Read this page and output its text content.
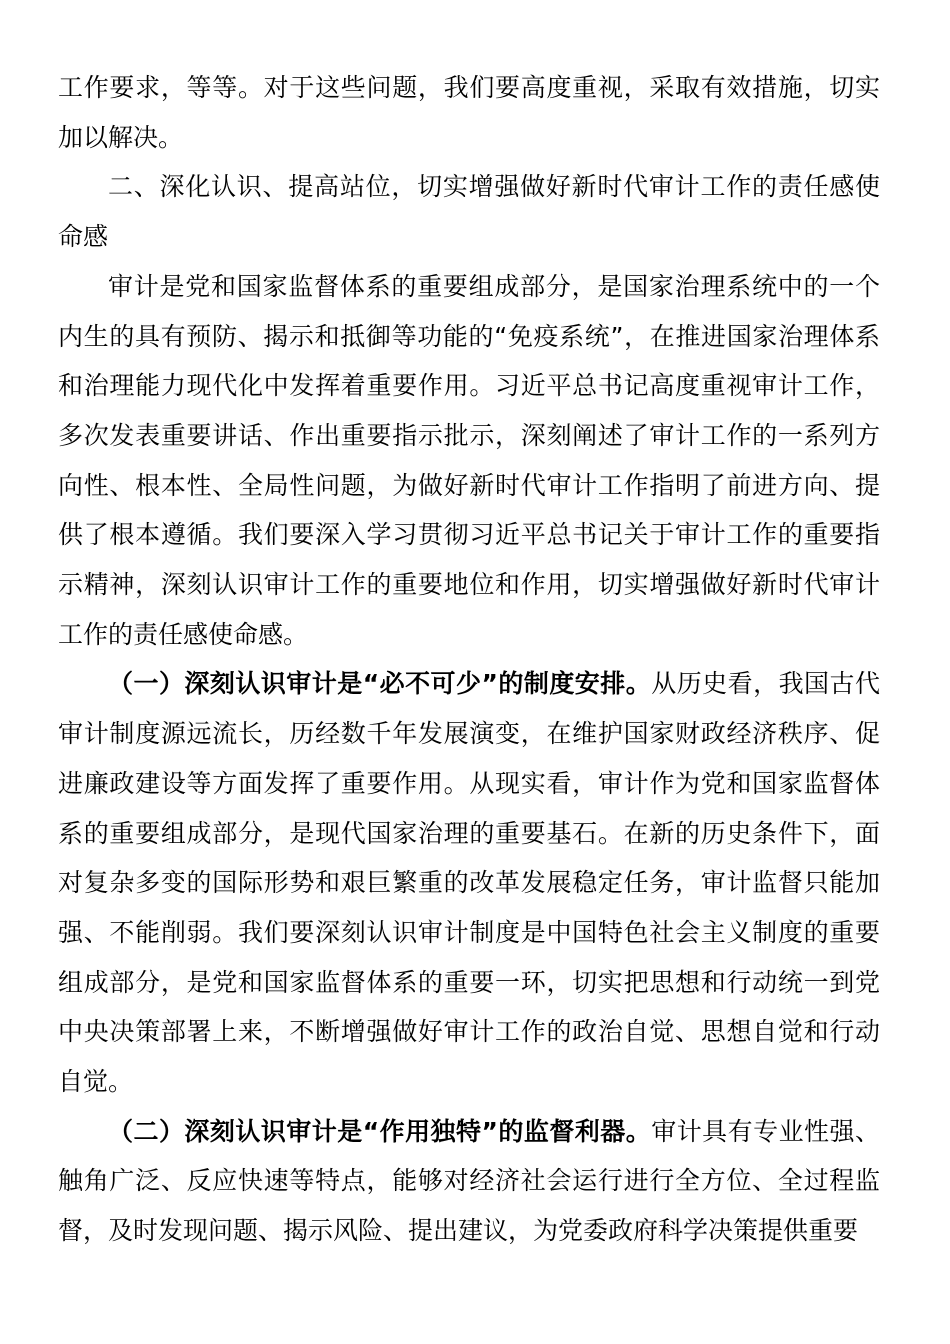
工作要求，等等。对于这些问题，我们要高度重视，采取有效措施，切实加以解决。

二、深化认识、提高站位，切实增强做好新时代审计工作的责任感使命感

审计是党和国家监督体系的重要组成部分，是国家治理系统中的一个内生的具有预防、揭示和抵御等功能的“免疫系统”，在推进国家治理体系和治理能力现代化中发挥着重要作用。习近平总书记高度重视审计工作，多次发表重要讲话、作出重要指示批示，深刻阐述了审计工作的一系列方向性、根本性、全局性问题，为做好新时代审计工作指明了前进方向、提供了根本遵循。我们要深入学习贯彻习近平总书记关于审计工作的重要指示精神，深刻认识审计工作的重要地位和作用，切实增强做好新时代审计工作的责任感使命感。

（一）深刻认识审计是“必不可少”的制度安排。从历史看，我国古代审计制度源远流长，历经数千年发展演变，在维护国家财政经济秩序、促进廉政建设等方面发挥了重要作用。从现实看，审计作为党和国家监督体系的重要组成部分，是现代国家治理的重要基石。在新的历史条件下，面对复杂多变的国际形势和艰巨繁重的改革发展稳定任务，审计监督只能加强、不能削弱。我们要深刻认识审计制度是中国特色社会主义制度的重要组成部分，是党和国家监督体系的重要一环，切实把思想和行动统一到党中央决策部署上来，不断增强做好审计工作的政治自觉、思想自觉和行动自觉。

（二）深刻认识审计是“作用独特”的监督利器。审计具有专业性强、触角广泛、反应快速等特点，能够对经济社会运行进行全方位、全过程监督，及时发现问题、揭示风险、提出建议，为党委政府科学决策提供重要
